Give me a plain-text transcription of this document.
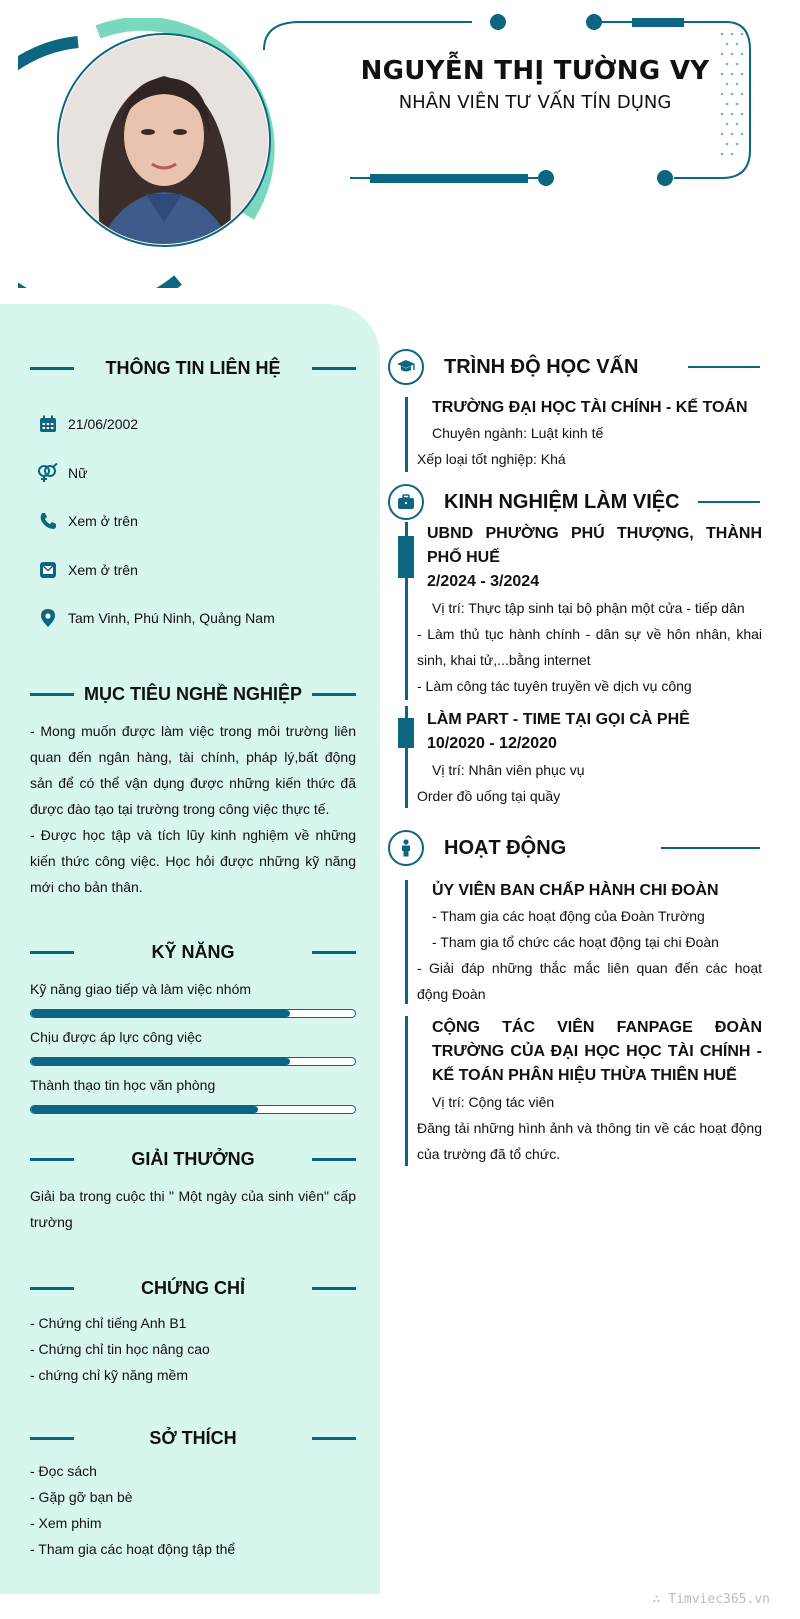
NGUYỄN THỊ TƯỜNG VY
NHÂN VIÊN TƯ VẤN TÍN DỤNG
THÔNG TIN LIÊN HỆ
21/06/2002
Nữ
Xem ở trên
Xem ở trên
Tam Vinh, Phú Ninh, Quảng Nam
MỤC TIÊU NGHỀ NGHIỆP
- Mong muốn được làm việc trong môi trường liên quan đến ngân hàng, tài chính, pháp lý,bất động sản để có thể vận dụng được những kiến thức đã được đào tạo tại trường trong công việc thực tế.
- Được học tập và tích lũy kinh nghiệm về những kiến thức công việc. Học hỏi được những kỹ năng mới cho bản thân.
KỸ NĂNG
Kỹ năng giao tiếp và làm việc nhóm
Chịu được áp lực công việc
Thành thạo tin học văn phòng
GIẢI THƯỞNG
Giải ba trong cuộc thi " Một ngày của sinh viên" cấp trường
CHỨNG CHỈ
- Chứng chỉ tiếng Anh B1
- Chứng chỉ tin học nâng cao
- chứng chỉ kỹ năng mềm
SỞ THÍCH
- Đọc sách
- Gặp gỡ bạn bè
- Xem phim
- Tham gia các hoạt động tập thể
TRÌNH ĐỘ HỌC VẤN
TRƯỜNG ĐẠI HỌC TÀI CHÍNH - KẾ TOÁN
Chuyên ngành: Luật kinh tế
Xếp loại tốt nghiệp: Khá
KINH NGHIỆM LÀM VIỆC
UBND PHƯỜNG PHÚ THƯỢNG, THÀNH PHỐ HUẾ
2/2024 - 3/2024
Vị trí: Thực tập sinh tại bộ phận một cửa - tiếp dân
- Làm thủ tục hành chính - dân sự về hôn nhân, khai sinh, khai tử,...bằng internet
- Làm công tác tuyên truyền về dịch vụ công
LÀM PART - TIME TẠI GỌI CÀ PHÊ
10/2020 - 12/2020
Vị trí: Nhân viên phục vụ
Order đồ uống tại quầy
HOẠT ĐỘNG
ỦY VIÊN BAN CHẤP HÀNH CHI ĐOÀN
- Tham gia các hoạt động của Đoàn Trường
- Tham gia tổ chức các hoạt động tại chi Đoàn
- Giải đáp những thắc mắc liên quan đến các hoạt động Đoàn
CỘNG TÁC VIÊN FANPAGE ĐOÀN TRƯỜNG CỦA ĐẠI HỌC HỌC TÀI CHÍNH - KẾ TOÁN PHÂN HIỆU THỪA THIÊN HUẾ
Vị trí: Cộng tác viên
Đăng tải những hình ảnh và thông tin về các hoạt động của trường đã tổ chức.
∴ Timviec365.vn
